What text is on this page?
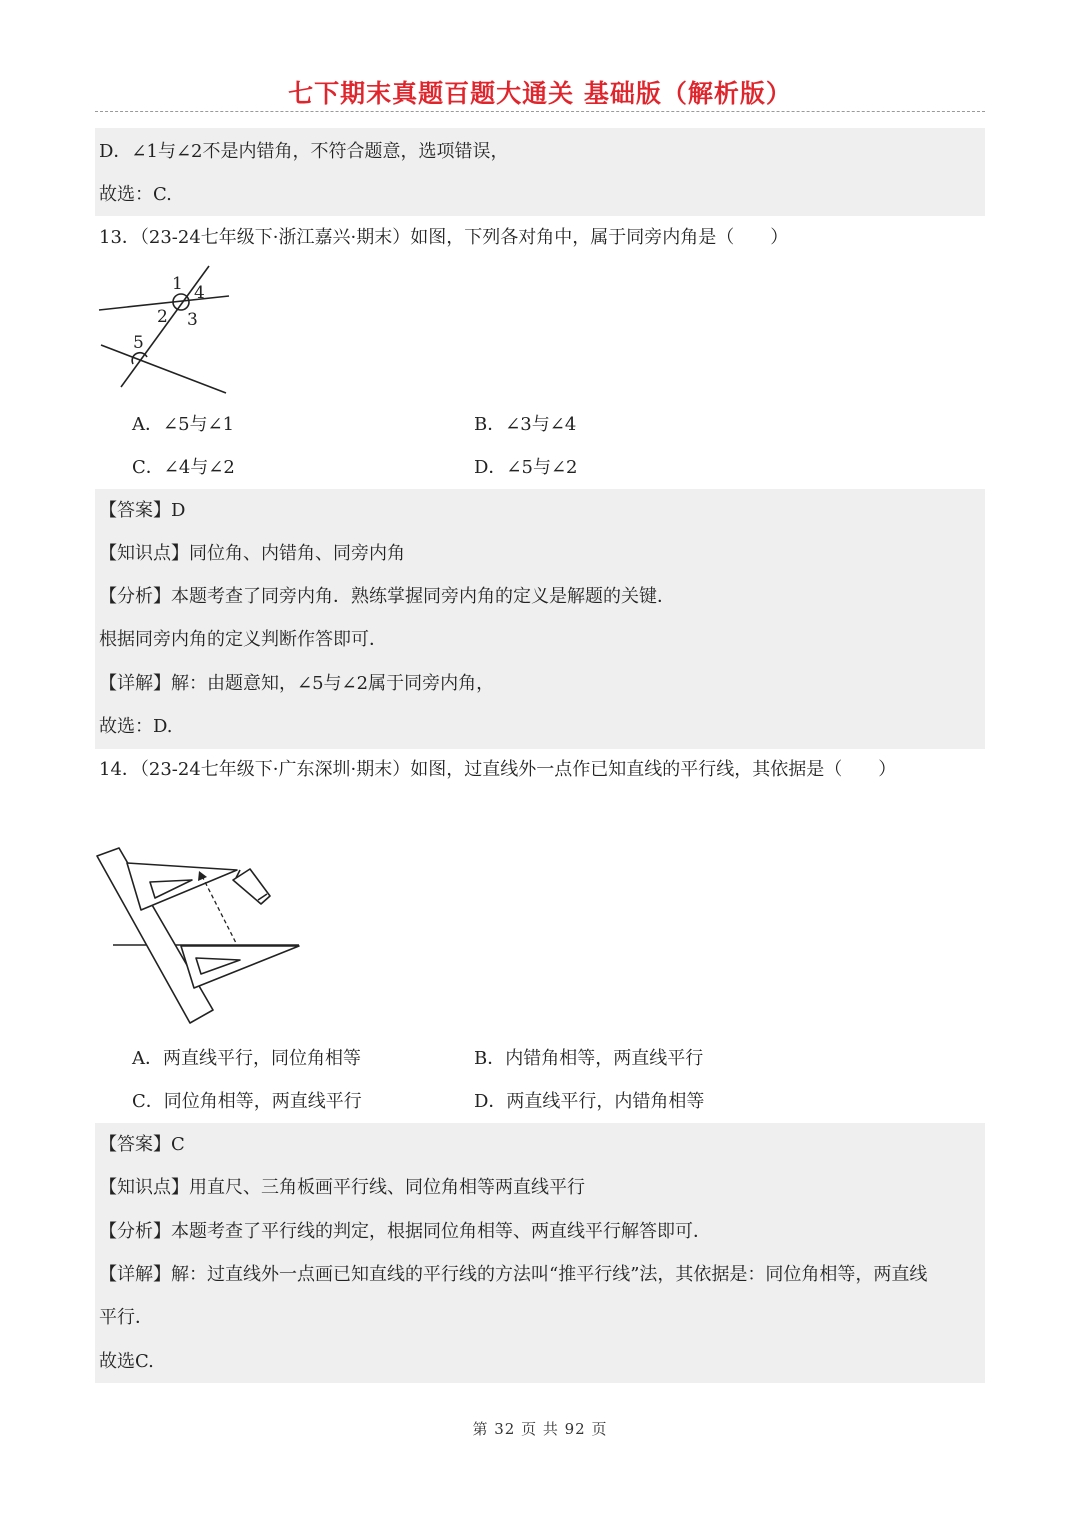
七下期末真题百题大通关 基础版（解析版）
D．∠1与∠2不是内错角，不符合题意，选项错误，
故选：C.
13．（23-24七年级下·浙江嘉兴·期末）如图，下列各对角中，属于同旁内角是（　　）
1 4
2 3
5
A．∠5与∠1	B．∠3与∠4
C．∠4与∠2	D．∠5与∠2
【答案】D
【知识点】同位角、内错角、同旁内角
【分析】本题考查了同旁内角．熟练掌握同旁内角的定义是解题的关键．
根据同旁内角的定义判断作答即可．
【详解】解：由题意知，∠5与∠2属于同旁内角，
故选：D.
14．（23-24七年级下·广东深圳·期末）如图，过直线外一点作已知直线的平行线，其依据是（　　）
A．两直线平行，同位角相等	B．内错角相等，两直线平行
C．同位角相等，两直线平行	D．两直线平行，内错角相等
【答案】C
【知识点】用直尺、三角板画平行线、同位角相等两直线平行
【分析】本题考查了平行线的判定，根据同位角相等、两直线平行解答即可．
【详解】解：过直线外一点画已知直线的平行线的方法叫“推平行线”法，其依据是：同位角相等，两直线
平行．
故选C.
第 32 页 共 92 页
